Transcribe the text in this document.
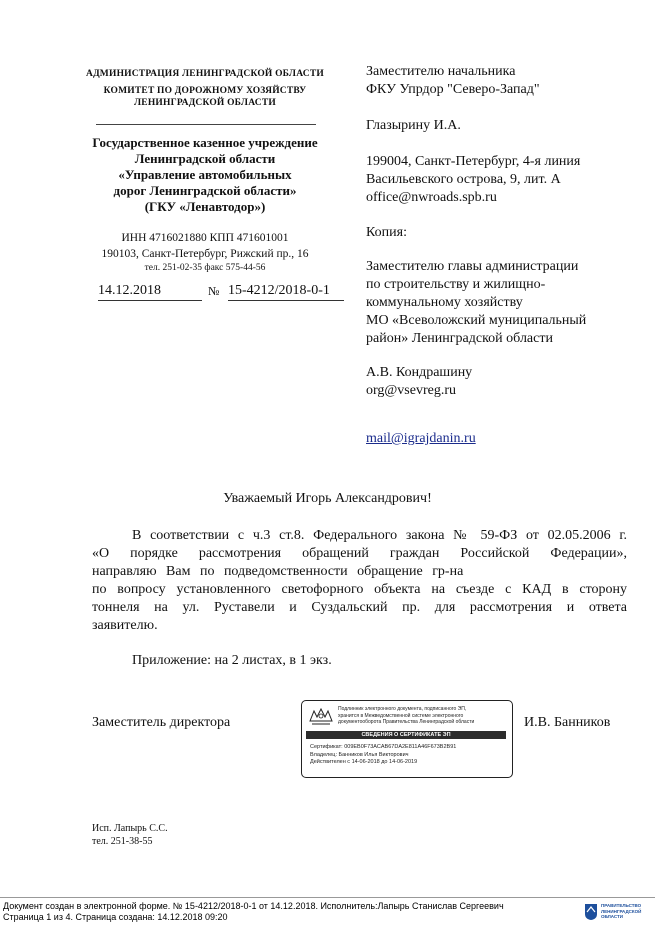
АДМИНИСТРАЦИЯ ЛЕНИНГРАДСКОЙ ОБЛАСТИ
КОМИТЕТ ПО ДОРОЖНОМУ ХОЗЯЙСТВУ
ЛЕНИНГРАДСКОЙ ОБЛАСТИ
Государственное казенное учреждение
Ленинградской области
«Управление автомобильных
дорог Ленинградской области»
(ГКУ «Ленавтодор»)
ИНН 4716021880 КПП 471601001
190103, Санкт-Петербург, Рижский пр., 16
тел. 251-02-35 факс 575-44-56
14.12.2018	№ 15-4212/2018-0-1
Заместителю начальника
ФКУ Упрдор "Северо-Запад"
Глазырину И.А.
199004, Санкт-Петербург, 4-я линия
Васильевского острова, 9, лит. А
office@nwroads.spb.ru
Копия:
Заместителю главы администрации
по строительству и жилищно-
коммунальному хозяйству
МО «Всеволожский муниципальный
район» Ленинградской области
А.В. Кондрашину
org@vsevreg.ru
mail@igrajdanin.ru
Уважаемый Игорь Александрович!
В соответствии с ч.3 ст.8. Федерального закона № 59-ФЗ от 02.05.2006 г.
«О порядке рассмотрения обращений граждан Российской Федерации»,
направляю Вам по подведомственности обращение гр-на
по вопросу установленного светофорного объекта на съезде с КАД в сторону
тоннеля на ул. Руставели и Суздальский пр. для рассмотрения и ответа
заявителю.
Приложение: на 2 листах, в 1 экз.
Заместитель директора	И.В. Банников
Подлинник электронного документа, подписанного ЭП,
хранится в Межведомственной системе электронного
документооборота Правительства Ленинградской области
СВЕДЕНИЯ О СЕРТИФИКАТЕ ЭП
Сертификат: 009EB0F73ACAB67DA2E811A46F673B2B91
Владелец: Банников Илья Викторович
Действителен с 14-06-2018 до 14-06-2019
Исп. Лапырь С.С.
тел. 251-38-55
Документ создан в электронной форме. № 15-4212/2018-0-1 от 14.12.2018. Исполнитель:Лапырь Станислав Сергеевич
Страница 1 из 4. Страница создана: 14.12.2018 09:20
ПРАВИТЕЛЬСТВО
ЛЕНИНГРАДСКОЙ
ОБЛАСТИ
